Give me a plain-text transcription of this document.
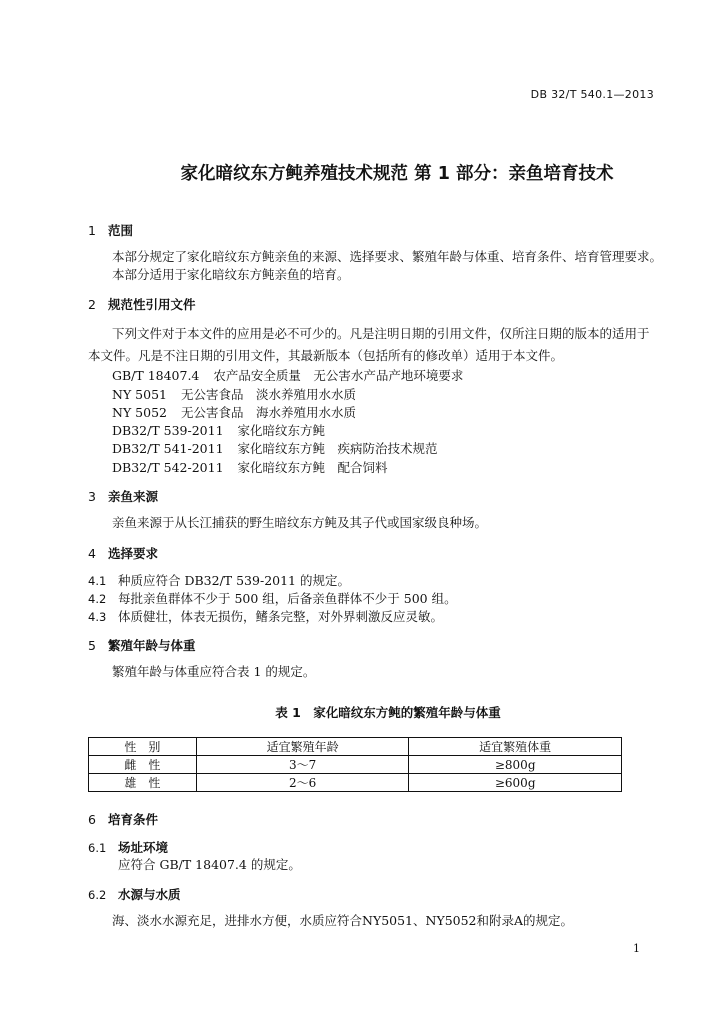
DB 32/T 540.1—2013
家化暗纹东方鲀养殖技术规范 第 1 部分：亲鱼培育技术
1 范围
本部分规定了家化暗纹东方鲀亲鱼的来源、选择要求、繁殖年龄与体重、培育条件、培育管理要求。
本部分适用于家化暗纹东方鲀亲鱼的培育。
2 规范性引用文件
下列文件对于本文件的应用是必不可少的。凡是注明日期的引用文件，仅所注日期的版本的适用于
本文件。凡是不注日期的引用文件，其最新版本（包括所有的修改单）适用于本文件。
GB/T 18407.4 农产品安全质量　无公害水产品产地环境要求
NY 5051 无公害食品　淡水养殖用水水质
NY 5052 无公害食品　海水养殖用水水质
DB32/T 539-2011 家化暗纹东方鲀
DB32/T 541-2011 家化暗纹东方鲀　疾病防治技术规范
DB32/T 542-2011 家化暗纹东方鲀　配合饲料
3 亲鱼来源
亲鱼来源于从长江捕获的野生暗纹东方鲀及其子代或国家级良种场。
4 选择要求
4.1 种质应符合 DB32/T 539-2011 的规定。
4.2 每批亲鱼群体不少于 500 组，后备亲鱼群体不少于 500 组。
4.3 体质健壮，体表无损伤，鳍条完整，对外界刺激反应灵敏。
5 繁殖年龄与体重
繁殖年龄与体重应符合表 1 的规定。
表 1　家化暗纹东方鲀的繁殖年龄与体重
性　别	适宜繁殖年龄	适宜繁殖体重
雌　性	3～7	≥800g
雄　性	2～6	≥600g
6 培育条件
6.1 场址环境
应符合 GB/T 18407.4 的规定。
6.2 水源与水质
海、淡水水源充足，进排水方便，水质应符合NY5051、NY5052和附录A的规定。
1
